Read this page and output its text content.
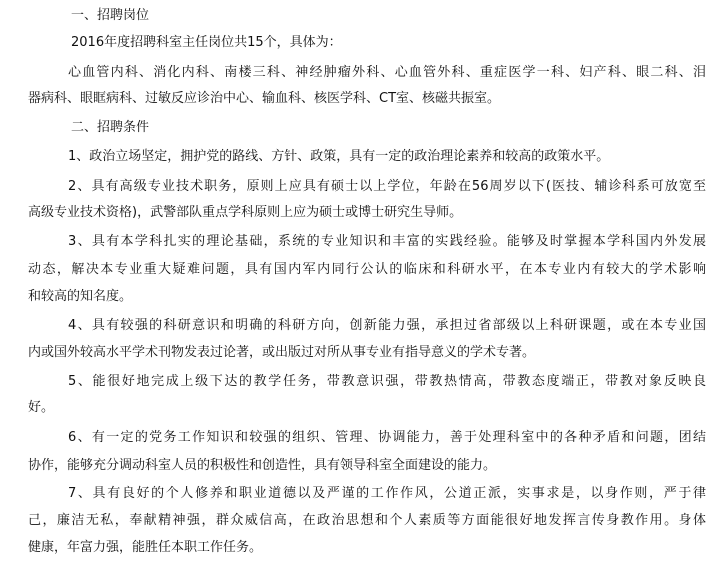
一、招聘岗位
2016年度招聘科室主任岗位共15个，具体为：
心血管内科、消化内科、南楼三科、神经肿瘤外科、心血管外科、重症医学一科、妇产科、眼二科、泪
器病科、眼眶病科、过敏反应诊治中心、输血科、核医学科、CT室、核磁共振室。
二、招聘条件
1、政治立场坚定，拥护党的路线、方针、政策，具有一定的政治理论素养和较高的政策水平。
2、具有高级专业技术职务，原则上应具有硕士以上学位，年龄在56周岁以下(医技、辅诊科系可放宽至
高级专业技术资格)，武警部队重点学科原则上应为硕士或博士研究生导师。
3、具有本学科扎实的理论基础，系统的专业知识和丰富的实践经验。能够及时掌握本学科国内外发展
动态，解决本专业重大疑难问题，具有国内军内同行公认的临床和科研水平，在本专业内有较大的学术影响
和较高的知名度。
4、具有较强的科研意识和明确的科研方向，创新能力强，承担过省部级以上科研课题，或在本专业国
内或国外较高水平学术刊物发表过论著，或出版过对所从事专业有指导意义的学术专著。
5、能很好地完成上级下达的教学任务，带教意识强，带教热情高，带教态度端正，带教对象反映良
好。
6、有一定的党务工作知识和较强的组织、管理、协调能力，善于处理科室中的各种矛盾和问题，团结
协作，能够充分调动科室人员的积极性和创造性，具有领导科室全面建设的能力。
7、具有良好的个人修养和职业道德以及严谨的工作作风，公道正派，实事求是，以身作则，严于律
己，廉洁无私，奉献精神强，群众威信高，在政治思想和个人素质等方面能很好地发挥言传身教作用。身体
健康，年富力强，能胜任本职工作任务。
